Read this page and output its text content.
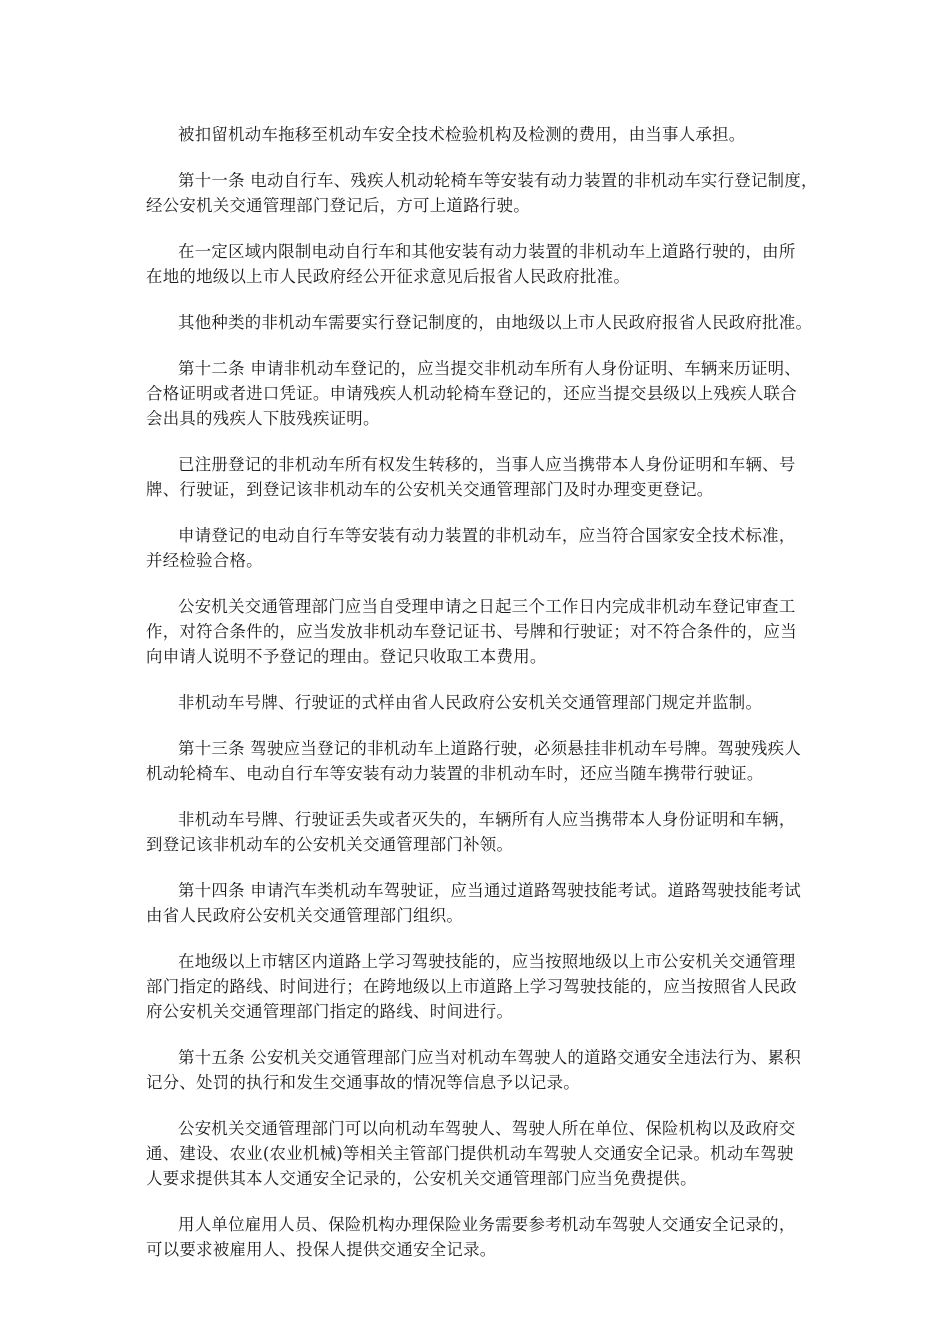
被扣留机动车拖移至机动车安全技术检验机构及检测的费用，由当事人承担。

第十一条 电动自行车、残疾人机动轮椅车等安装有动力装置的非机动车实行登记制度，
经公安机关交通管理部门登记后，方可上道路行驶。

在一定区域内限制电动自行车和其他安装有动力装置的非机动车上道路行驶的，由所
在地的地级以上市人民政府经公开征求意见后报省人民政府批准。

其他种类的非机动车需要实行登记制度的，由地级以上市人民政府报省人民政府批准。

第十二条 申请非机动车登记的，应当提交非机动车所有人身份证明、车辆来历证明、
合格证明或者进口凭证。申请残疾人机动轮椅车登记的，还应当提交县级以上残疾人联合
会出具的残疾人下肢残疾证明。

已注册登记的非机动车所有权发生转移的，当事人应当携带本人身份证明和车辆、号
牌、行驶证，到登记该非机动车的公安机关交通管理部门及时办理变更登记。

申请登记的电动自行车等安装有动力装置的非机动车，应当符合国家安全技术标准，
并经检验合格。

公安机关交通管理部门应当自受理申请之日起三个工作日内完成非机动车登记审查工
作，对符合条件的，应当发放非机动车登记证书、号牌和行驶证；对不符合条件的，应当
向申请人说明不予登记的理由。登记只收取工本费用。

非机动车号牌、行驶证的式样由省人民政府公安机关交通管理部门规定并监制。

第十三条 驾驶应当登记的非机动车上道路行驶，必须悬挂非机动车号牌。驾驶残疾人
机动轮椅车、电动自行车等安装有动力装置的非机动车时，还应当随车携带行驶证。

非机动车号牌、行驶证丢失或者灭失的，车辆所有人应当携带本人身份证明和车辆，
到登记该非机动车的公安机关交通管理部门补领。

第十四条 申请汽车类机动车驾驶证，应当通过道路驾驶技能考试。道路驾驶技能考试
由省人民政府公安机关交通管理部门组织。

在地级以上市辖区内道路上学习驾驶技能的，应当按照地级以上市公安机关交通管理
部门指定的路线、时间进行；在跨地级以上市道路上学习驾驶技能的，应当按照省人民政
府公安机关交通管理部门指定的路线、时间进行。

第十五条 公安机关交通管理部门应当对机动车驾驶人的道路交通安全违法行为、累积
记分、处罚的执行和发生交通事故的情况等信息予以记录。

公安机关交通管理部门可以向机动车驾驶人、驾驶人所在单位、保险机构以及政府交
通、建设、农业(农业机械)等相关主管部门提供机动车驾驶人交通安全记录。机动车驾驶
人要求提供其本人交通安全记录的，公安机关交通管理部门应当免费提供。

用人单位雇用人员、保险机构办理保险业务需要参考机动车驾驶人交通安全记录的，
可以要求被雇用人、投保人提供交通安全记录。
